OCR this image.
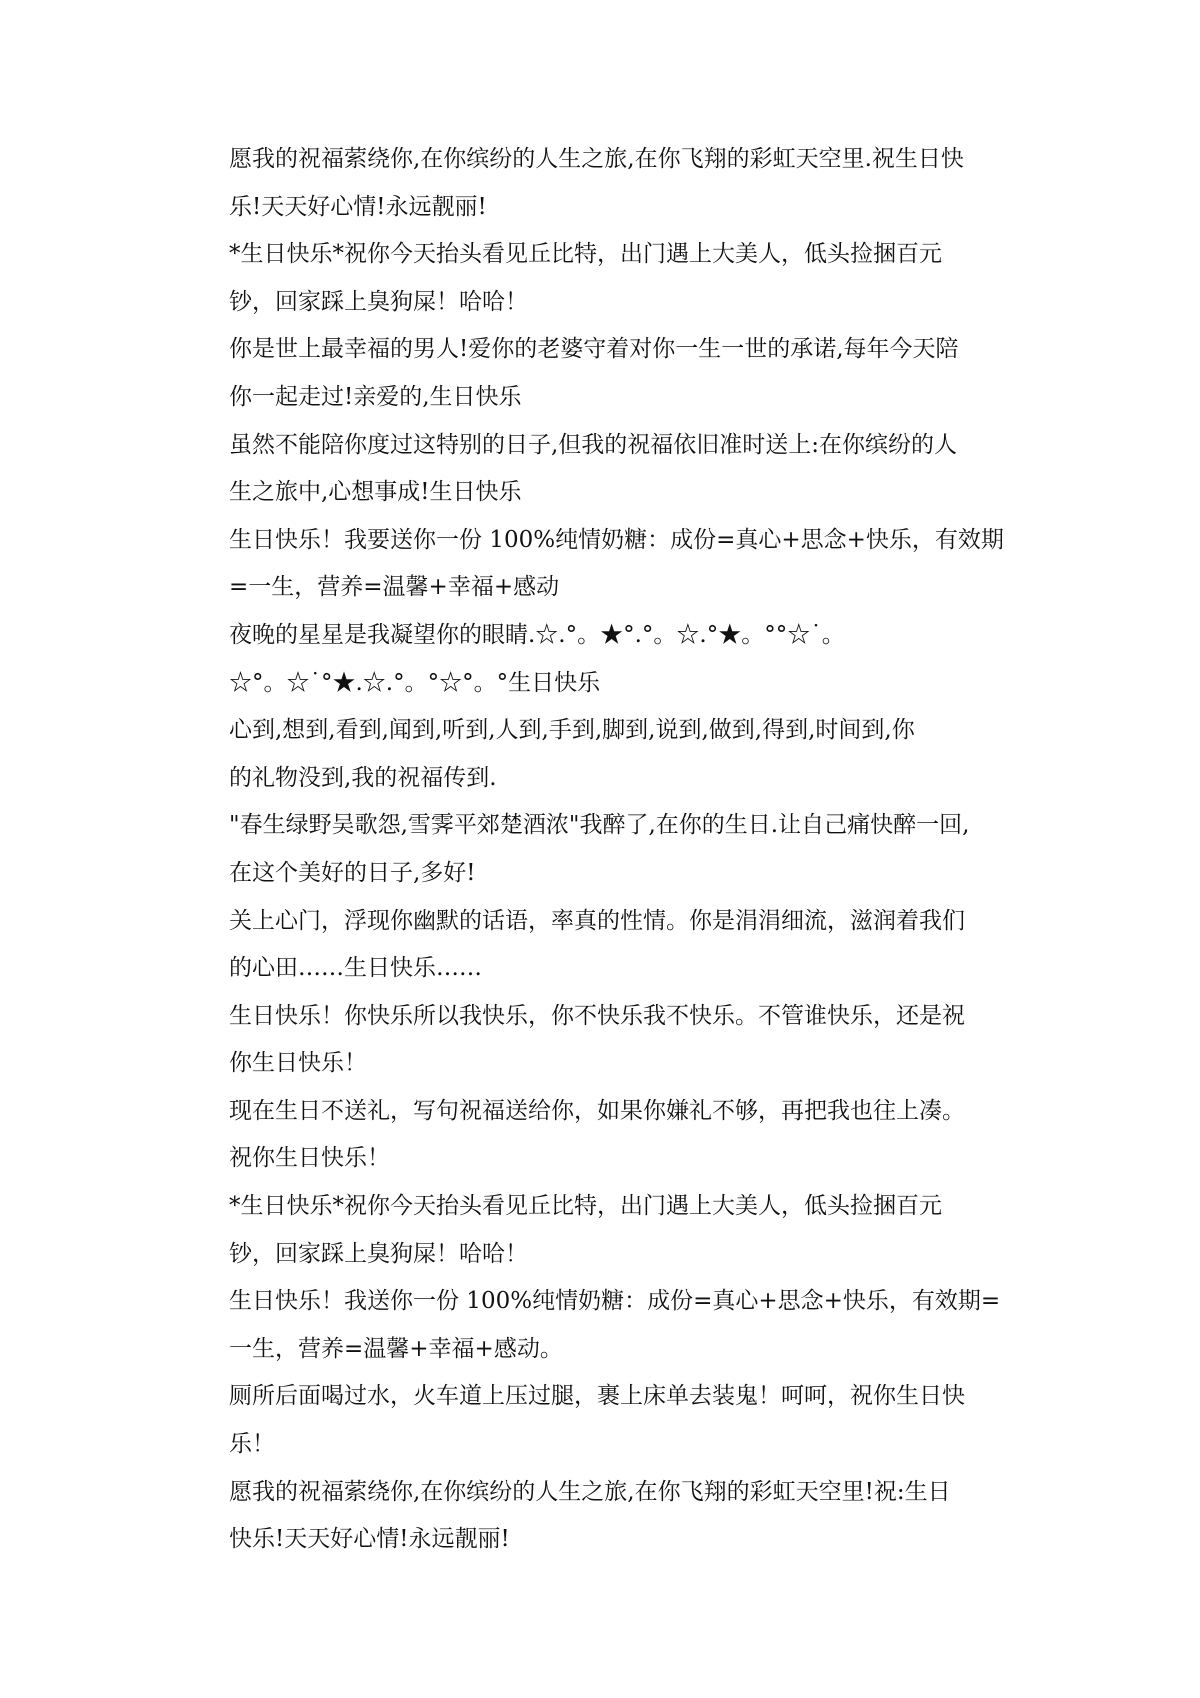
愿我的祝福萦绕你,在你缤纷的人生之旅,在你飞翔的彩虹天空里.祝生日快
乐!天天好心情!永远靓丽!

*生日快乐*祝你今天抬头看见丘比特，出门遇上大美人，低头捡捆百元
钞，回家踩上臭狗屎！哈哈！

你是世上最幸福的男人!爱你的老婆守着对你一生一世的承诺,每年今天陪
你一起走过!亲爱的,生日快乐

虽然不能陪你度过这特别的日子,但我的祝福依旧准时送上:在你缤纷的人
生之旅中,心想事成!生日快乐

生日快乐！我要送你一份 100%纯情奶糖：成份=真心+思念+快乐，有效期
=一生，营养=温馨+幸福+感动

夜晚的星星是我凝望你的眼睛.☆.°。★°.°。☆.°★。°°☆˙。
☆°。☆˙°★.☆.°。°☆°。°生日快乐

心到,想到,看到,闻到,听到,人到,手到,脚到,说到,做到,得到,时间到,你
的礼物没到,我的祝福传到.

"春生绿野吴歌怨,雪霁平郊楚酒浓"我醉了,在你的生日.让自己痛快醉一回,
在这个美好的日子,多好!

关上心门，浮现你幽默的话语，率真的性情。你是涓涓细流，滋润着我们
的心田……生日快乐……

生日快乐！你快乐所以我快乐，你不快乐我不快乐。不管谁快乐，还是祝
你生日快乐！

现在生日不送礼，写句祝福送给你，如果你嫌礼不够，再把我也往上凑。
祝你生日快乐！

*生日快乐*祝你今天抬头看见丘比特，出门遇上大美人，低头捡捆百元
钞，回家踩上臭狗屎！哈哈！

生日快乐！我送你一份 100%纯情奶糖：成份=真心+思念+快乐，有效期=
一生，营养=温馨+幸福+感动。

厕所后面喝过水，火车道上压过腿，裹上床单去装鬼！呵呵，祝你生日快
乐！

愿我的祝福萦绕你,在你缤纷的人生之旅,在你飞翔的彩虹天空里!祝:生日
快乐!天天好心情!永远靓丽!
